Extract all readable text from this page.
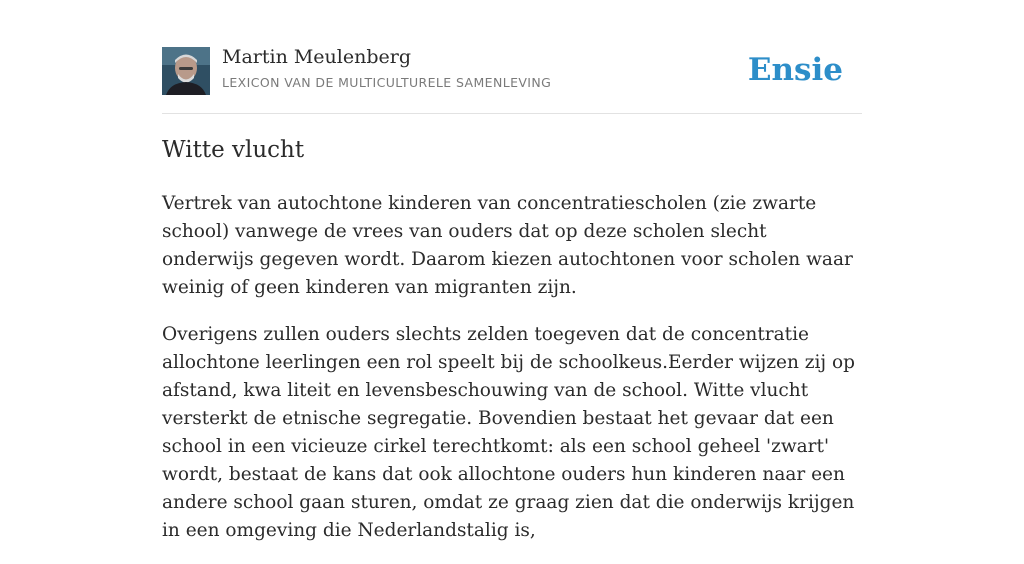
Martin Meulenberg
LEXICON VAN DE MULTICULTURELE SAMENLEVING	Ensie
Witte vlucht

Vertrek van autochtone kinderen van concentratiescholen (zie zwarte school) vanwege de vrees van ouders dat op deze scholen slecht onderwijs gegeven wordt. Daarom kiezen autochtonen voor scholen waar weinig of geen kinderen van migranten zijn.

Overigens zullen ouders slechts zelden toegeven dat de concentratie allochtone leerlingen een rol speelt bij de schoolkeus.Eerder wijzen zij op afstand, kwa liteit en levensbeschouwing van de school. Witte vlucht versterkt de etnische segregatie. Bovendien bestaat het gevaar dat een school in een vicieuze cirkel terechtkomt: als een school geheel 'zwart' wordt, bestaat de kans dat ook allochtone ouders hun kinderen naar een andere school gaan sturen, omdat ze graag zien dat die onderwijs krijgen in een omgeving die Nederlandstalig is,
